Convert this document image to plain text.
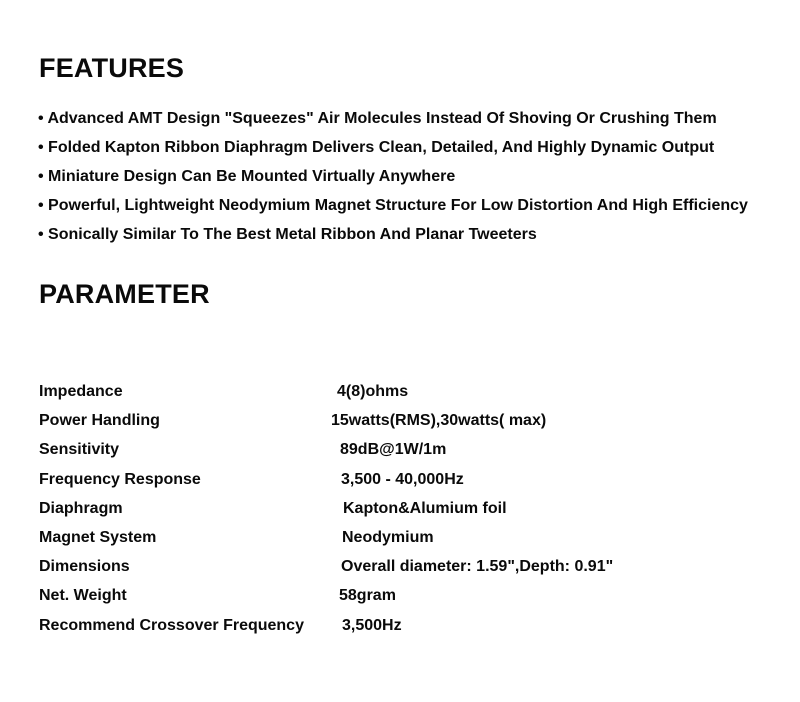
FEATURES
• Advanced AMT Design "Squeezes" Air Molecules Instead Of Shoving Or Crushing Them
• Folded Kapton Ribbon Diaphragm Delivers Clean, Detailed, And Highly Dynamic Output
• Miniature Design Can Be Mounted Virtually Anywhere
• Powerful, Lightweight Neodymium Magnet Structure For Low Distortion And High Efficiency
• Sonically Similar To The Best Metal Ribbon And Planar Tweeters
PARAMETER
Impedance	4(8)ohms
Power Handling	15watts(RMS),30watts( max)
Sensitivity	89dB@1W/1m
Frequency Response	3,500 - 40,000Hz
Diaphragm	Kapton&Alumium foil
Magnet System	Neodymium
Dimensions	Overall diameter: 1.59",Depth: 0.91"
Net. Weight	58gram
Recommend Crossover Frequency 3,500Hz
